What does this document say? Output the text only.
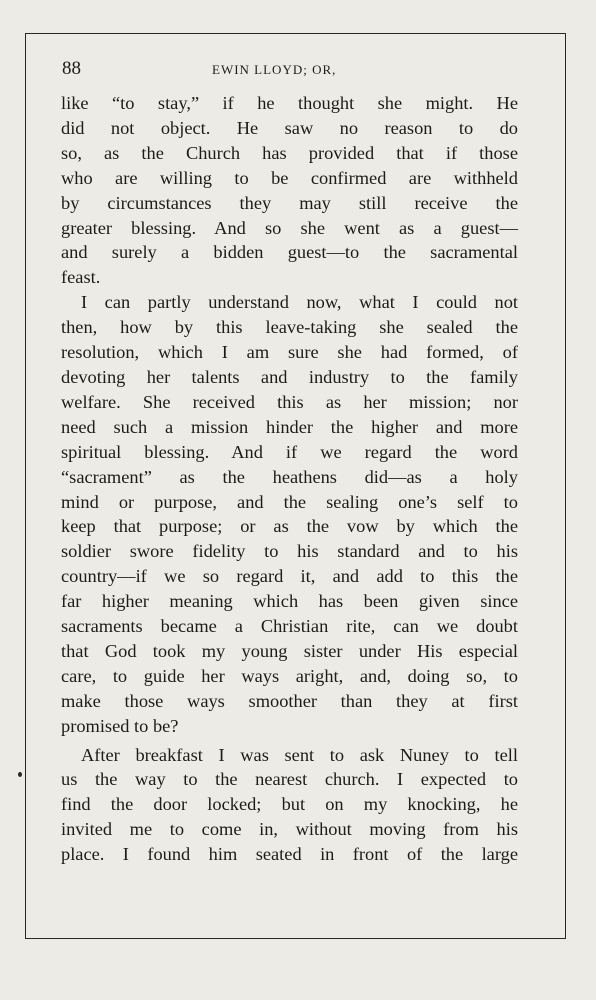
88	EWIN LLOYD; OR,

like “to stay,” if he thought she might. He
did not object. He saw no reason to do
so, as the Church has provided that if those
who are willing to be confirmed are withheld
by circumstances they may still receive the
greater blessing. And so she went as a guest—
and surely a bidden guest—to the sacramental
feast.

I can partly understand now, what I could not
then, how by this leave-taking she sealed the
resolution, which I am sure she had formed, of
devoting her talents and industry to the family
welfare. She received this as her mission; nor
need such a mission hinder the higher and more
spiritual blessing. And if we regard the word
“sacrament” as the heathens did—as a holy
mind or purpose, and the sealing one’s self to
keep that purpose; or as the vow by which the
soldier swore fidelity to his standard and to his
country—if we so regard it, and add to this the
far higher meaning which has been given since
sacraments became a Christian rite, can we doubt
that God took my young sister under His especial
care, to guide her ways aright, and, doing so, to
make those ways smoother than they at first
promised to be?

After breakfast I was sent to ask Nuney to tell
us the way to the nearest church. I expected to
find the door locked; but on my knocking, he
invited me to come in, without moving from his
place. I found him seated in front of the large
